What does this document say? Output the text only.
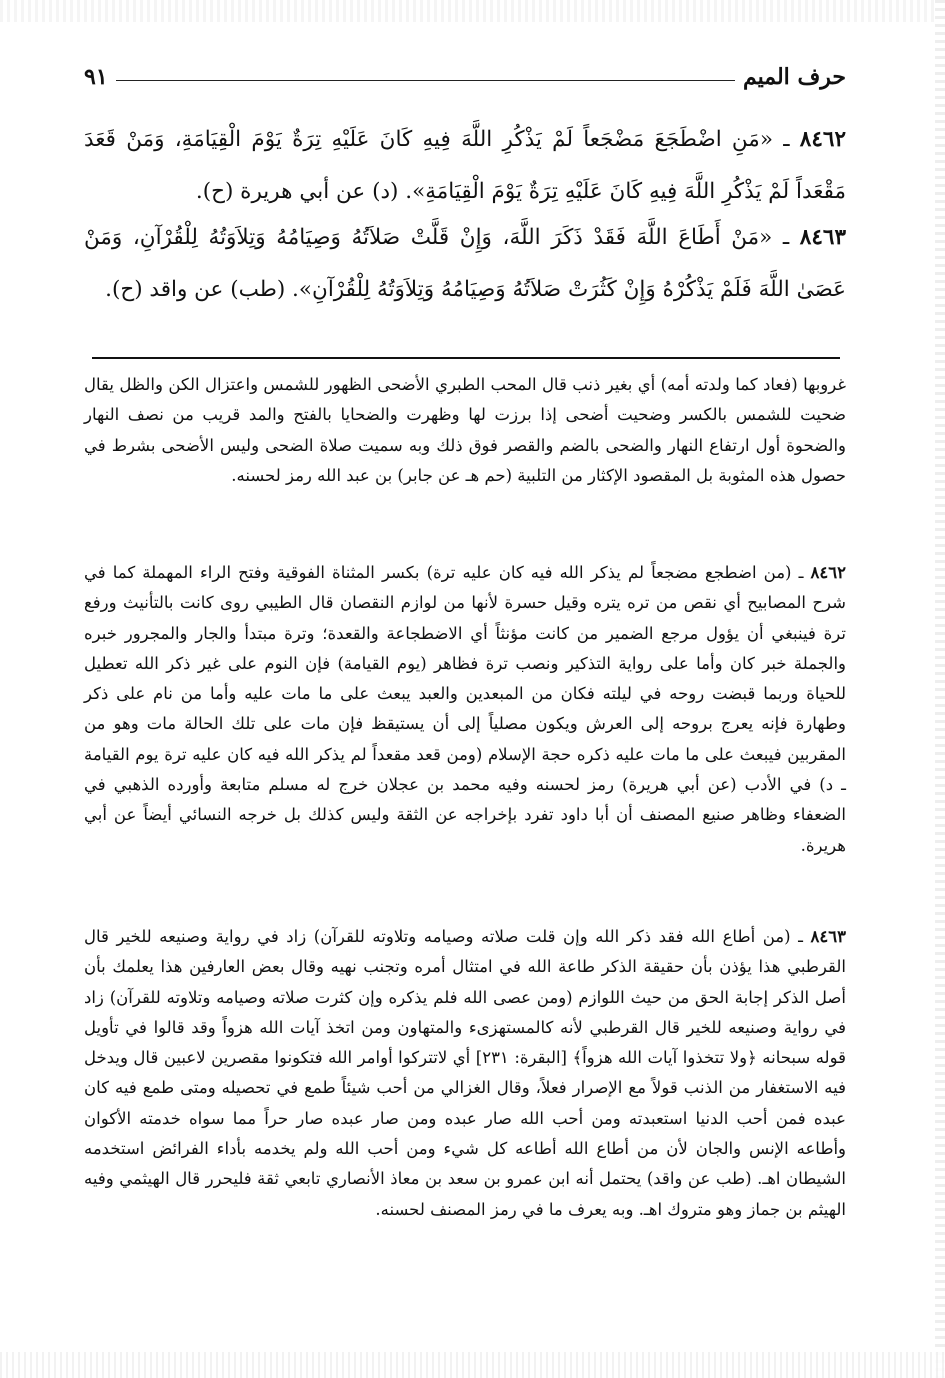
حرف الميم
٩١

٨٤٦٢ ـ «مَنِ اضْطَجَعَ مَضْجَعاً لَمْ يَذْكُرِ اللَّهَ فِيهِ كَانَ عَلَيْهِ تِرَةٌ يَوْمَ الْقِيَامَةِ، وَمَنْ قَعَدَ مَقْعَداً لَمْ يَذْكُرِ اللَّهَ فِيهِ كَانَ عَلَيْهِ تِرَةٌ يَوْمَ الْقِيَامَةِ». (د) عن أبي هريرة (ح).

٨٤٦٣ ـ «مَنْ أَطَاعَ اللَّهَ فَقَدْ ذَكَرَ اللَّهَ، وَإِنْ قَلَّتْ صَلاَتُهُ وَصِيَامُهُ وَتِلاَوَتُهُ لِلْقُرْآنِ، وَمَنْ عَصَىٰ اللَّهَ فَلَمْ يَذْكُرْهُ وَإِنْ كَثُرَتْ صَلاَتُهُ وَصِيَامُهُ وَتِلاَوَتُهُ لِلْقُرْآنِ». (طب) عن واقد (ح).

غروبها (فعاد كما ولدته أمه) أي بغير ذنب قال المحب الطبري الأضحى الظهور للشمس واعتزال الكن والظل يقال ضحيت للشمس بالكسر وضحيت أضحى إذا برزت لها وظهرت والضحايا بالفتح والمد قريب من نصف النهار والضحوة أول ارتفاع النهار والضحى بالضم والقصر فوق ذلك وبه سميت صلاة الضحى وليس الأضحى بشرط في حصول هذه المثوبة بل المقصود الإكثار من التلبية (حم هـ عن جابر) بن عبد الله رمز لحسنه.

٨٤٦٢ ـ (من اضطجع مضجعاً لم يذكر الله فيه كان عليه ترة) بكسر المثناة الفوقية وفتح الراء المهملة كما في شرح المصابيح أي نقص من تره يتره وقيل حسرة لأنها من لوازم النقصان قال الطيبي روى كانت بالتأنيث ورفع ترة فينبغي أن يؤول مرجع الضمير من كانت مؤنثاً أي الاضطجاعة والقعدة؛ وترة مبتدأ والجار والمجرور خبره والجملة خبر كان وأما على رواية التذكير ونصب ترة فظاهر (يوم القيامة) فإن النوم على غير ذكر الله تعطيل للحياة وربما قبضت روحه في ليلته فكان من المبعدين والعبد يبعث على ما مات عليه وأما من نام على ذكر وطهارة فإنه يعرج بروحه إلى العرش ويكون مصلياً إلى أن يستيقظ فإن مات على تلك الحالة مات وهو من المقربين فيبعث على ما مات عليه ذكره حجة الإسلام (ومن قعد مقعداً لم يذكر الله فيه كان عليه ترة يوم القيامة ـ د) في الأدب (عن أبي هريرة) رمز لحسنه وفيه محمد بن عجلان خرج له مسلم متابعة وأورده الذهبي في الضعفاء وظاهر صنيع المصنف أن أبا داود تفرد بإخراجه عن الثقة وليس كذلك بل خرجه النسائي أيضاً عن أبي هريرة.

٨٤٦٣ ـ (من أطاع الله فقد ذكر الله وإن قلت صلاته وصيامه وتلاوته للقرآن) زاد في رواية وصنيعه للخير قال القرطبي هذا يؤذن بأن حقيقة الذكر طاعة الله في امتثال أمره وتجنب نهيه وقال بعض العارفين هذا يعلمك بأن أصل الذكر إجابة الحق من حيث اللوازم (ومن عصى الله فلم يذكره وإن كثرت صلاته وصيامه وتلاوته للقرآن) زاد في رواية وصنيعه للخير قال القرطبي لأنه كالمستهزىء والمتهاون ومن اتخذ آيات الله هزواً وقد قالوا في تأويل قوله سبحانه ﴿ولا تتخذوا آيات الله هزواً﴾ [البقرة: ٢٣١] أي لاتتركوا أوامر الله فتكونوا مقصرين لاعبين قال ويدخل فيه الاستغفار من الذنب قولاً مع الإصرار فعلاً، وقال الغزالي من أحب شيئاً طمع في تحصيله ومتى طمع فيه كان عبده فمن أحب الدنيا استعبدته ومن أحب الله صار عبده ومن صار عبده صار حراً مما سواه خدمته الأكوان وأطاعه الإنس والجان لأن من أطاع الله أطاعه كل شيء ومن أحب الله ولم يخدمه بأداء الفرائض استخدمه الشيطان اهـ. (طب عن واقد) يحتمل أنه ابن عمرو بن سعد بن معاذ الأنصاري تابعي ثقة فليحرر قال الهيثمي وفيه الهيثم بن جماز وهو متروك اهـ. وبه يعرف ما في رمز المصنف لحسنه.
